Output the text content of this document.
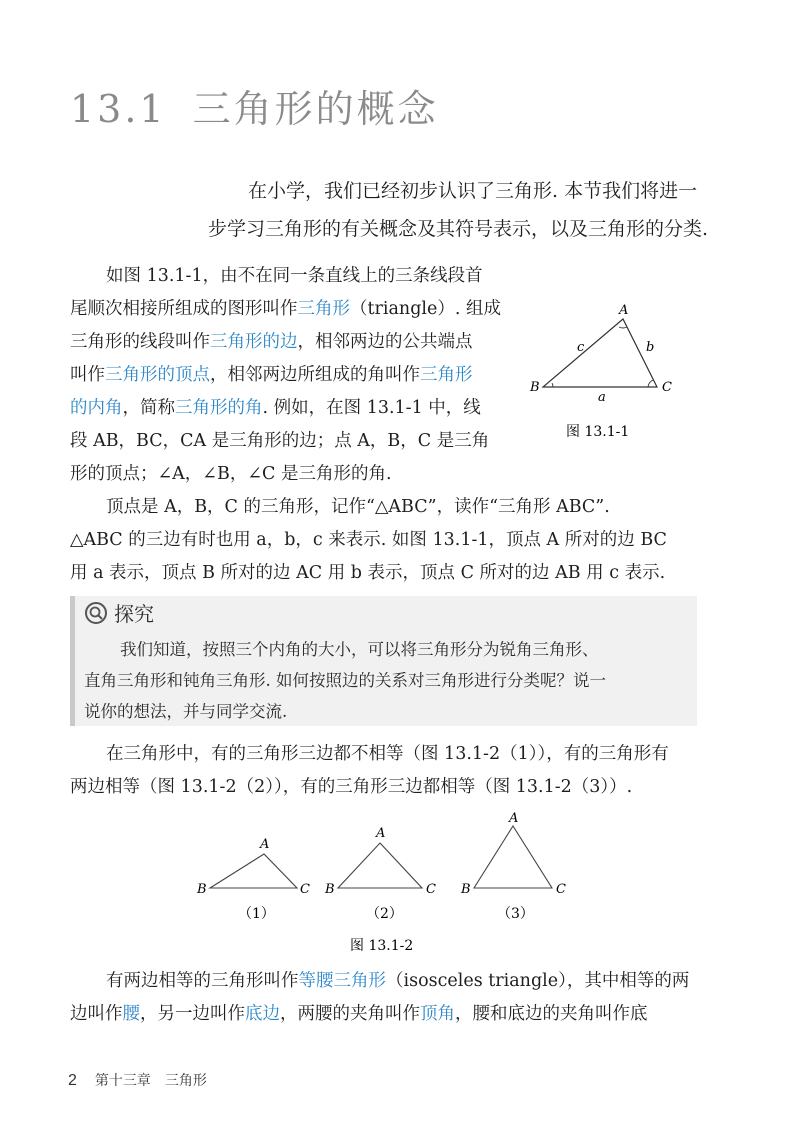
13.1 三角形的概念
在小学，我们已经初步认识了三角形. 本节我们将进一
步学习三角形的有关概念及其符号表示，以及三角形的分类.
如图 13.1-1，由不在同一条直线上的三条线段首
尾顺次相接所组成的图形叫作三角形（triangle）. 组成
三角形的线段叫作三角形的边，相邻两边的公共端点
叫作三角形的顶点，相邻两边所组成的角叫作三角形
的内角，简称三角形的角. 例如，在图 13.1-1 中，线
段 AB，BC，CA 是三角形的边；点 A，B，C 是三角
形的顶点；∠A，∠B，∠C 是三角形的角.
A
B	C
c	b
a
图 13.1-1
顶点是 A，B，C 的三角形，记作“△ABC”，读作“三角形 ABC”.
△ABC 的三边有时也用 a，b，c 来表示. 如图 13.1-1，顶点 A 所对的边 BC
用 a 表示，顶点 B 所对的边 AC 用 b 表示，顶点 C 所对的边 AB 用 c 表示.
探究
我们知道，按照三个内角的大小，可以将三角形分为锐角三角形、
直角三角形和钝角三角形. 如何按照边的关系对三角形进行分类呢？说一
说你的想法，并与同学交流.
在三角形中，有的三角形三边都不相等（图 13.1-2（1）），有的三角形有
两边相等（图 13.1-2（2）），有的三角形三边都相等（图 13.1-2（3））.
A
B	C
（1）
A
B	C
（2）
A
B	C
（3）
图 13.1-2
有两边相等的三角形叫作等腰三角形（isosceles triangle），其中相等的两
边叫作腰，另一边叫作底边，两腰的夹角叫作顶角，腰和底边的夹角叫作底
2 第十三章　三角形
